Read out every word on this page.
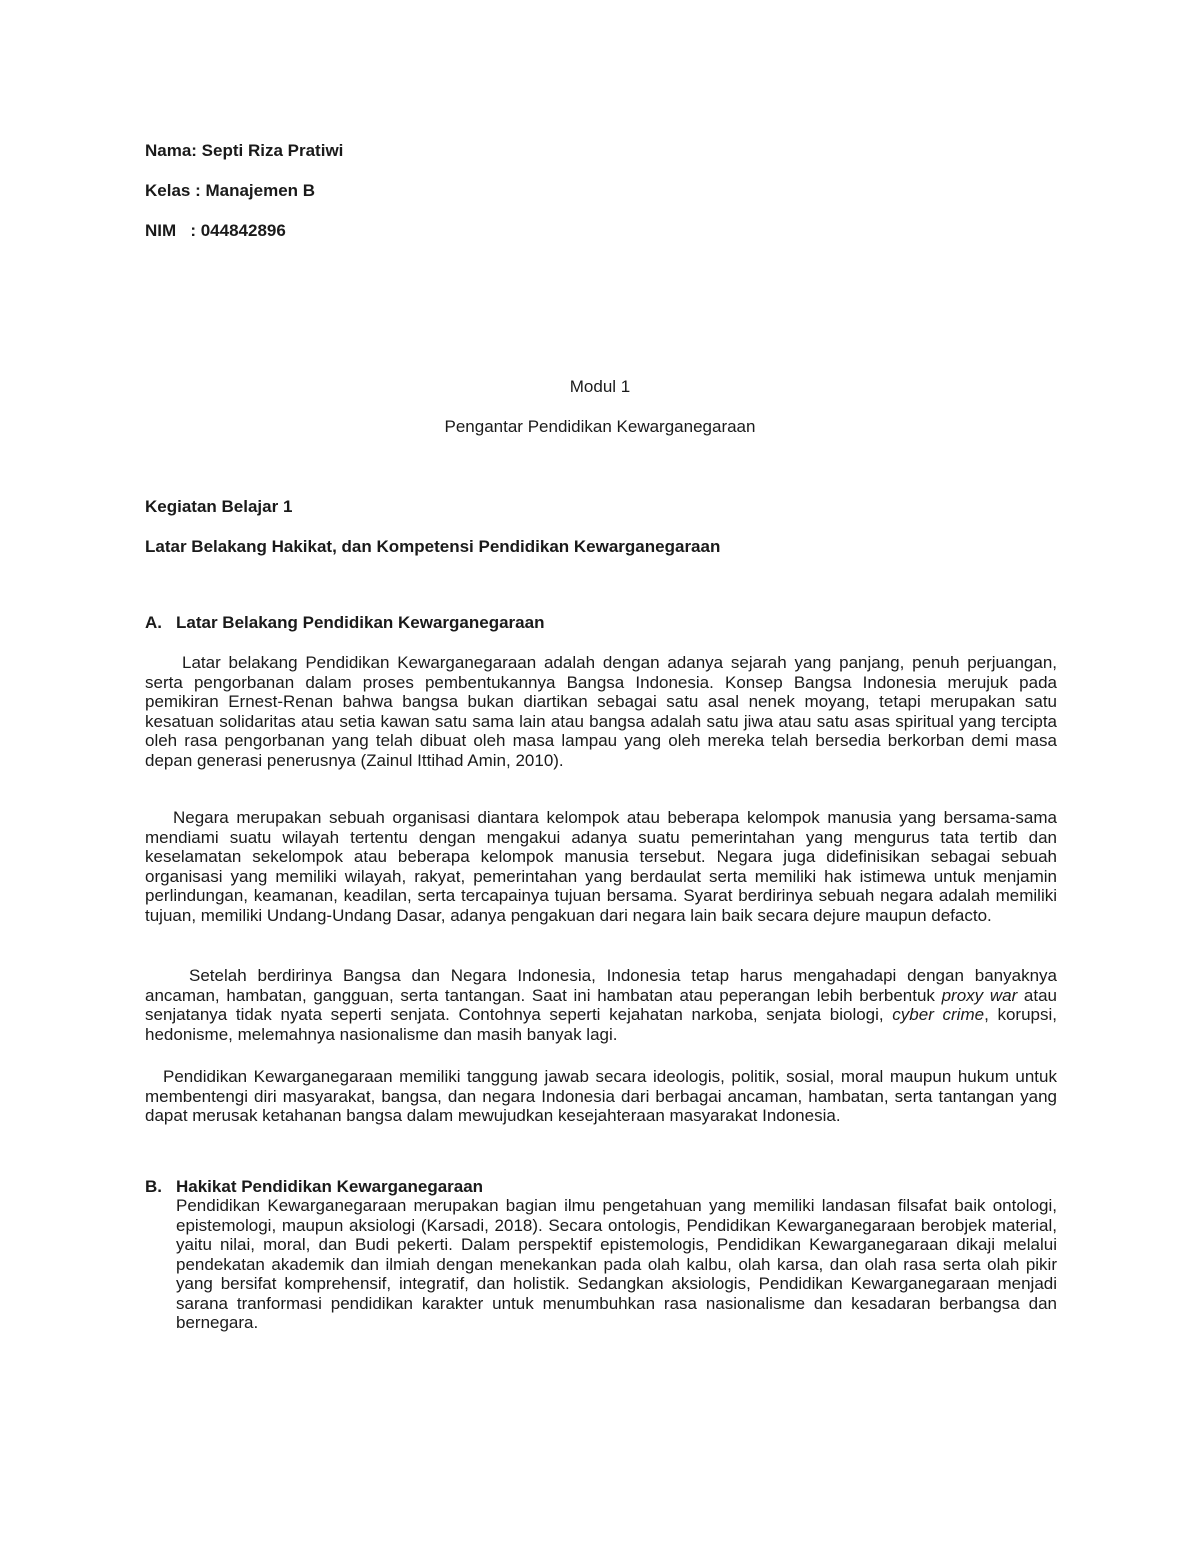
Nama: Septi Riza Pratiwi

Kelas : Manajemen B

NIM   : 044842896

Modul 1

Pengantar Pendidikan Kewarganegaraan

Kegiatan Belajar 1

Latar Belakang Hakikat, dan Kompetensi Pendidikan Kewarganegaraan

A. Latar Belakang Pendidikan Kewarganegaraan

Latar belakang Pendidikan Kewarganegaraan adalah dengan adanya sejarah yang panjang, penuh perjuangan, serta pengorbanan dalam proses pembentukannya Bangsa Indonesia. Konsep Bangsa Indonesia merujuk pada pemikiran Ernest-Renan bahwa bangsa bukan diartikan sebagai satu asal nenek moyang, tetapi merupakan satu kesatuan solidaritas atau setia kawan satu sama lain atau bangsa adalah satu jiwa atau satu asas spiritual yang tercipta oleh rasa pengorbanan yang telah dibuat oleh masa lampau yang oleh mereka telah bersedia berkorban demi masa depan generasi penerusnya (Zainul Ittihad Amin, 2010).

Negara merupakan sebuah organisasi diantara kelompok atau beberapa kelompok manusia yang bersama-sama mendiami suatu wilayah tertentu dengan mengakui adanya suatu pemerintahan yang mengurus tata tertib dan keselamatan sekelompok atau beberapa kelompok manusia tersebut. Negara juga didefinisikan sebagai sebuah organisasi yang memiliki wilayah, rakyat, pemerintahan yang berdaulat serta memiliki hak istimewa untuk menjamin perlindungan, keamanan, keadilan, serta tercapainya tujuan bersama. Syarat berdirinya sebuah negara adalah memiliki tujuan, memiliki Undang-Undang Dasar, adanya pengakuan dari negara lain baik secara dejure maupun defacto.

Setelah berdirinya Bangsa dan Negara Indonesia, Indonesia tetap harus mengahadapi dengan banyaknya ancaman, hambatan, gangguan, serta tantangan. Saat ini hambatan atau peperangan lebih berbentuk proxy war atau senjatanya tidak nyata seperti senjata. Contohnya seperti kejahatan narkoba, senjata biologi, cyber crime, korupsi, hedonisme, melemahnya nasionalisme dan masih banyak lagi.

Pendidikan Kewarganegaraan memiliki tanggung jawab secara ideologis, politik, sosial, moral maupun hukum untuk membentengi diri masyarakat, bangsa, dan negara Indonesia dari berbagai ancaman, hambatan, serta tantangan yang dapat merusak ketahanan bangsa dalam mewujudkan kesejahteraan masyarakat Indonesia.

B. Hakikat Pendidikan Kewarganegaraan

Pendidikan Kewarganegaraan merupakan bagian ilmu pengetahuan yang memiliki landasan filsafat baik ontologi, epistemologi, maupun aksiologi (Karsadi, 2018). Secara ontologis, Pendidikan Kewarganegaraan berobjek material, yaitu nilai, moral, dan Budi pekerti. Dalam perspektif epistemologis, Pendidikan Kewarganegaraan dikaji melalui pendekatan akademik dan ilmiah dengan menekankan pada olah kalbu, olah karsa, dan olah rasa serta olah pikir yang bersifat komprehensif, integratif, dan holistik. Sedangkan aksiologis, Pendidikan Kewarganegaraan menjadi sarana tranformasi pendidikan karakter untuk menumbuhkan rasa nasionalisme dan kesadaran berbangsa dan bernegara.
